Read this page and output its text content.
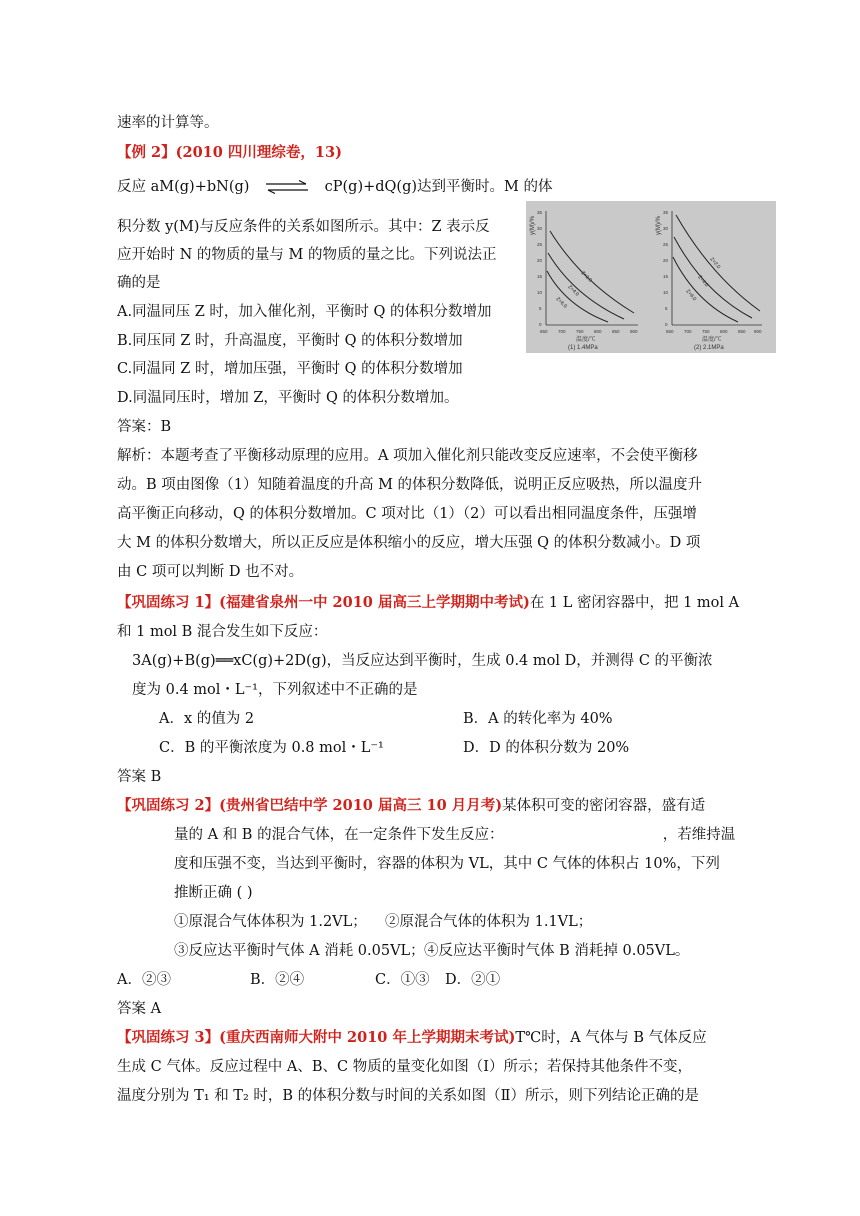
速率的计算等。
【例 2】(2010 四川理综卷，13)
反应 aM(g)+bN(g) ⇌ cP(g)+dQ(g)达到平衡时。M 的体
积分数 y(M)与反应条件的关系如图所示。其中：Z 表示反
应开始时 N 的物质的量与 M 的物质的量之比。下列说法正
确的是
A.同温同压 Z 时，加入催化剂，平衡时 Q 的体积分数增加
B.同压同 Z 时，升高温度，平衡时 Q 的体积分数增加
C.同温同 Z 时，增加压强，平衡时 Q 的体积分数增加
D.同温同压时，增加 Z，平衡时 Q 的体积分数增加。
答案：B
解析：本题考查了平衡移动原理的应用。A 项加入催化剂只能改变反应速率，不会使平衡移
动。B 项由图像（1）知随着温度的升高 M 的体积分数降低，说明正反应吸热，所以温度升
高平衡正向移动，Q 的体积分数增加。C 项对比（1）（2）可以看出相同温度条件，压强增
大 M 的体积分数增大，所以正反应是体积缩小的反应，增大压强 Q 的体积分数减小。D 项
由 C 项可以判断 D 也不对。
【巩固练习 1】(福建省泉州一中 2010 届高三上学期期中考试)在 1 L 密闭容器中，把 1 mol A
和 1 mol B 混合发生如下反应：
3A(g)+B(g)══xC(g)+2D(g)，当反应达到平衡时，生成 0.4 mol D，并测得 C 的平衡浓
度为 0.4 mol・L⁻¹，下列叙述中不正确的是
A．x 的值为 2	B．A 的转化率为 40%
C．B 的平衡浓度为 0.8 mol・L⁻¹	D．D 的体积分数为 20%
答案 B
【巩固练习 2】(贵州省巴结中学 2010 届高三 10 月月考)某体积可变的密闭容器，盛有适
量的 A 和 B 的混合气体，在一定条件下发生反应：	，若维持温
度和压强不变，当达到平衡时，容器的体积为 VL，其中 C 气体的体积占 10%，下列
推断正确 ( )
①原混合气体体积为 1.2VL； ②原混合气体的体积为 1.1VL；
③反应达平衡时气体 A 消耗 0.05VL； ④反应达平衡时气体 B 消耗掉 0.05VL。
A．②③	B．②④	C．①③ D．②①
答案 A
【巩固练习 3】(重庆西南师大附中 2010 年上学期期末考试)T℃时，A 气体与 B 气体反应
生成 C 气体。反应过程中 A、B、C 物质的量变化如图（Ⅰ）所示；若保持其他条件不变，
温度分别为 T₁ 和 T₂ 时，B 的体积分数与时间的关系如图（Ⅱ）所示，则下列结论正确的是
y(M)/%
0
5
10
15
20
25
30
35
650 700 750 800 850 900
Z=2.0
Z=4.0
Z=6.0
温度/℃
(1) 1.4MPa
y(M)/%
0
5
10
15
20
25
30
35
650 700 750 800 850 900
Z=2.0
Z=4.0
Z=6.0
温度/℃
(2) 2.1MPa
